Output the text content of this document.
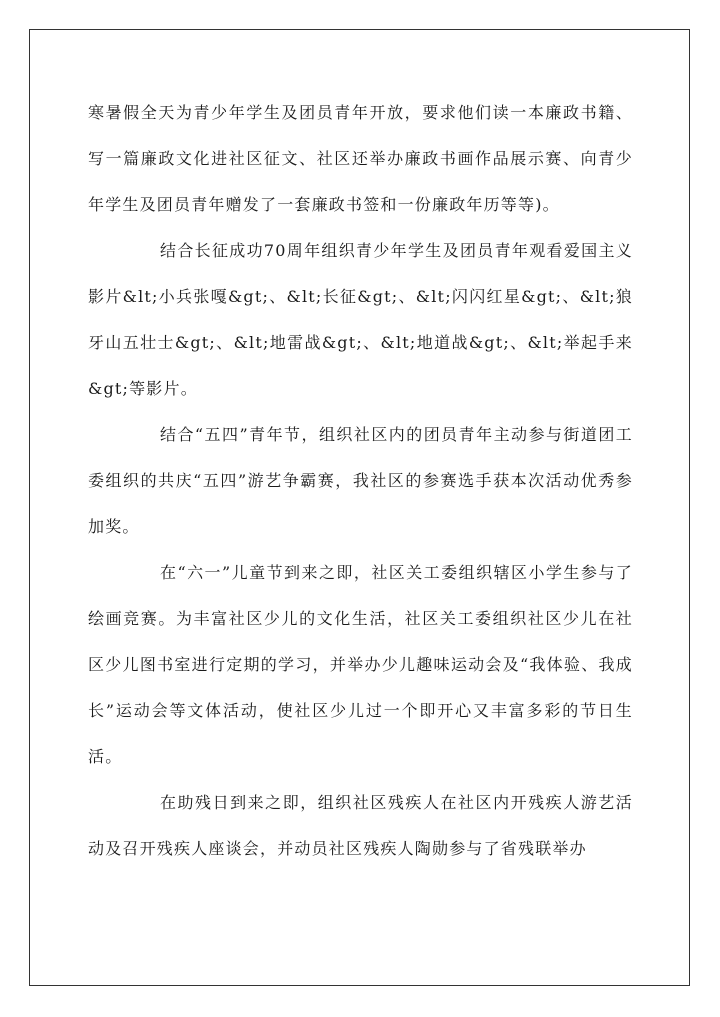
寒暑假全天为青少年学生及团员青年开放，要求他们读一本廉政书籍、写一篇廉政文化进社区征文、社区还举办廉政书画作品展示赛、向青少年学生及团员青年赠发了一套廉政书签和一份廉政年历等等)。

结合长征成功70周年组织青少年学生及团员青年观看爱国主义影片&lt;小兵张嘎&gt;、&lt;长征&gt;、&lt;闪闪红星&gt;、&lt;狼牙山五壮士&gt;、&lt;地雷战&gt;、&lt;地道战&gt;、&lt;举起手来&gt;等影片。

结合“五四”青年节，组织社区内的团员青年主动参与街道团工委组织的共庆“五四”游艺争霸赛，我社区的参赛选手获本次活动优秀参加奖。

在“六一”儿童节到来之即，社区关工委组织辖区小学生参与了绘画竞赛。为丰富社区少儿的文化生活，社区关工委组织社区少儿在社区少儿图书室进行定期的学习，并举办少儿趣味运动会及“我体验、我成长”运动会等文体活动，使社区少儿过一个即开心又丰富多彩的节日生活。

在助残日到来之即，组织社区残疾人在社区内开残疾人游艺活动及召开残疾人座谈会，并动员社区残疾人陶勋参与了省残联举办
